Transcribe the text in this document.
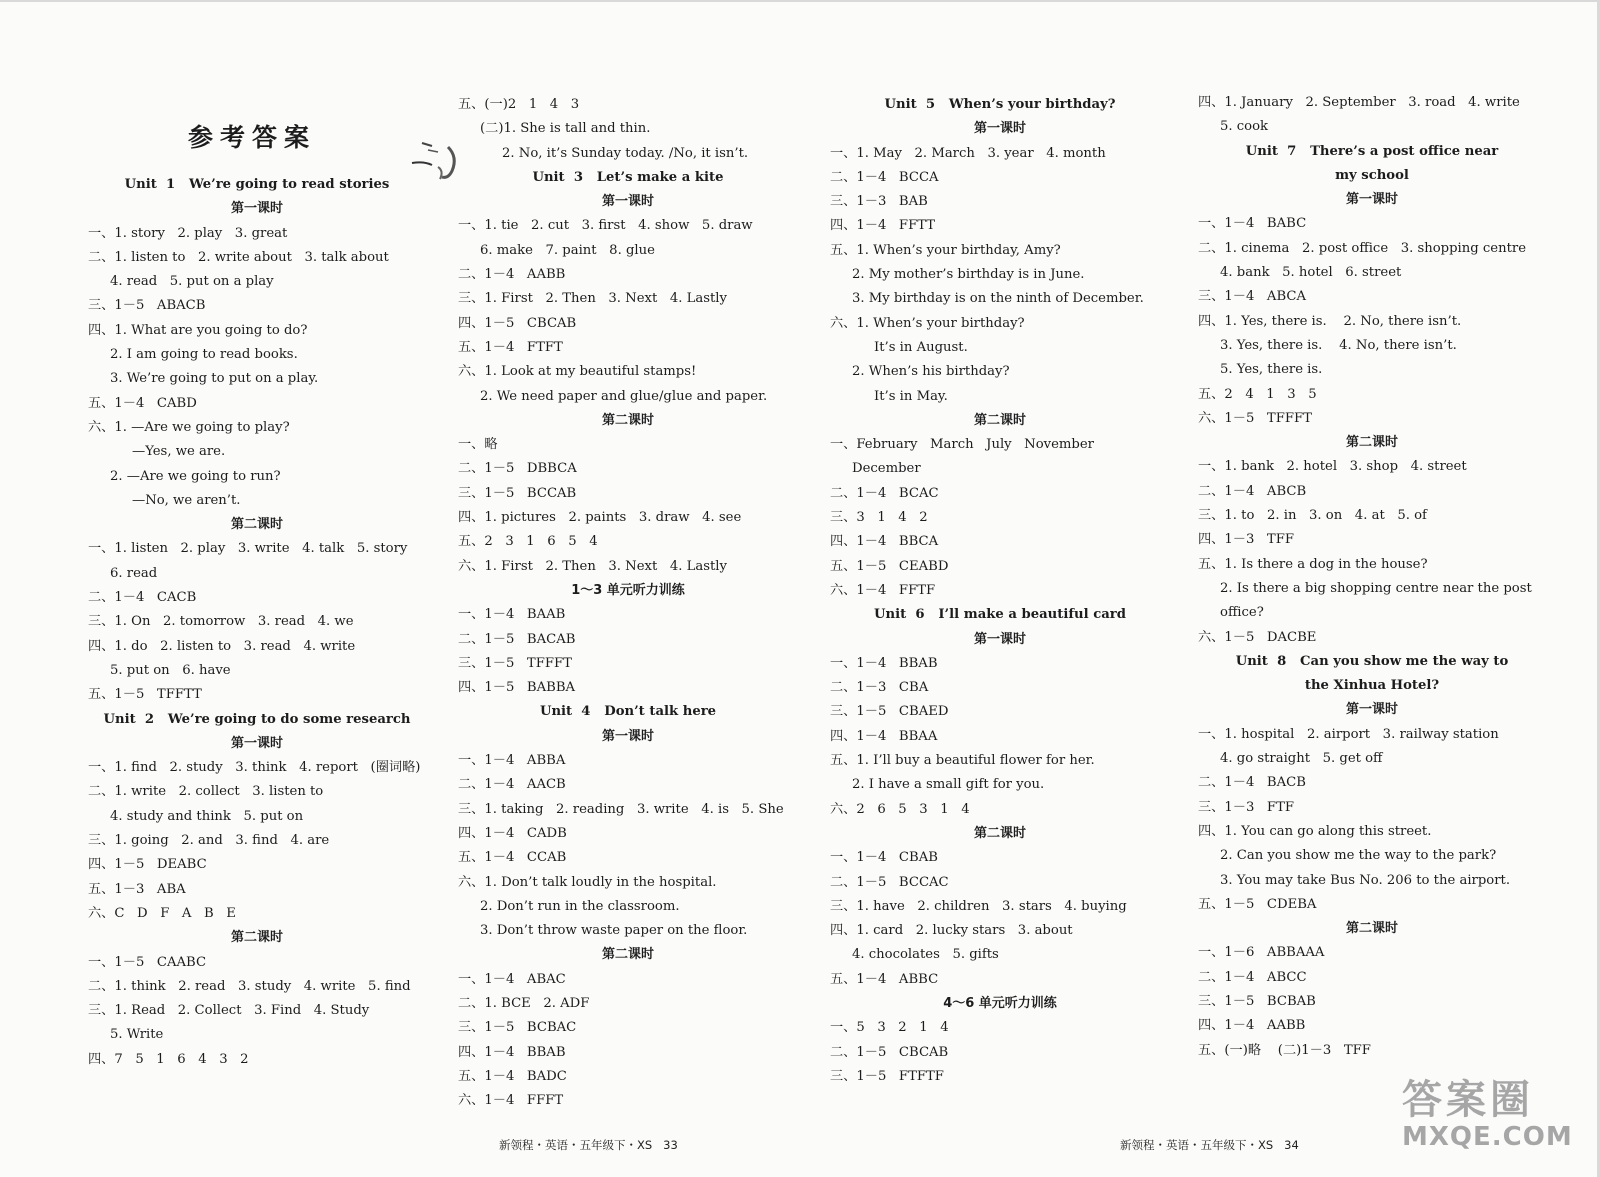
参考答案
Unit  1   We’re going to read stories
第一课时
一、1. story   2. play   3. great
二、1. listen to   2. write about   3. talk about
4. read   5. put on a play
三、1－5   ABACB
四、1. What are you going to do?
2. I am going to read books.
3. We’re going to put on a play.
五、1－4   CABD
六、1. —Are we going to play?
—Yes, we are.
2. —Are we going to run?
—No, we aren’t.
第二课时
一、1. listen   2. play   3. write   4. talk   5. story
6. read
二、1－4   CACB
三、1. On   2. tomorrow   3. read   4. we
四、1. do   2. listen to   3. read   4. write
5. put on   6. have
五、1－5   TFFTT
Unit  2   We’re going to do some research
第一课时
一、1. find   2. study   3. think   4. report   (圈词略)
二、1. write   2. collect   3. listen to
4. study and think   5. put on
三、1. going   2. and   3. find   4. are
四、1－5   DEABC
五、1－3   ABA
六、C   D   F   A   B   E
第二课时
一、1－5   CAABC
二、1. think   2. read   3. study   4. write   5. find
三、1. Read   2. Collect   3. Find   4. Study
5. Write
四、7   5   1   6   4   3   2
五、(一)2   1   4   3
(二)1. She is tall and thin.
2. No, it’s Sunday today. /No, it isn’t.
Unit  3   Let’s make a kite
第一课时
一、1. tie   2. cut   3. first   4. show   5. draw
6. make   7. paint   8. glue
二、1－4   AABB
三、1. First   2. Then   3. Next   4. Lastly
四、1－5   CBCAB
五、1－4   FTFT
六、1. Look at my beautiful stamps!
2. We need paper and glue/glue and paper.
第二课时
一、略
二、1－5   DBBCA
三、1－5   BCCAB
四、1. pictures   2. paints   3. draw   4. see
五、2   3   1   6   5   4
六、1. First   2. Then   3. Next   4. Lastly
1～3 单元听力训练
一、1－4   BAAB
二、1－5   BACAB
三、1－5   TFFFT
四、1－5   BABBA
Unit  4   Don’t talk here
第一课时
一、1－4   ABBA
二、1－4   AACB
三、1. taking   2. reading   3. write   4. is   5. She
四、1－4   CADB
五、1－4   CCAB
六、1. Don’t talk loudly in the hospital.
2. Don’t run in the classroom.
3. Don’t throw waste paper on the floor.
第二课时
一、1－4   ABAC
二、1. BCE   2. ADF
三、1－5   BCBAC
四、1－4   BBAB
五、1－4   BADC
六、1－4   FFFT
Unit  5   When’s your birthday?
第一课时
一、1. May   2. March   3. year   4. month
二、1－4   BCCA
三、1－3   BAB
四、1－4   FFTT
五、1. When’s your birthday, Amy?
2. My mother’s birthday is in June.
3. My birthday is on the ninth of December.
六、1. When’s your birthday?
It’s in August.
2. When’s his birthday?
It’s in May.
第二课时
一、February   March   July   November
December
二、1－4   BCAC
三、3   1   4   2
四、1－4   BBCA
五、1－5   CEABD
六、1－4   FFTF
Unit  6   I’ll make a beautiful card
第一课时
一、1－4   BBAB
二、1－3   CBA
三、1－5   CBAED
四、1－4   BBAA
五、1. I’ll buy a beautiful flower for her.
2. I have a small gift for you.
六、2   6   5   3   1   4
第二课时
一、1－4   CBAB
二、1－5   BCCAC
三、1. have   2. children   3. stars   4. buying
四、1. card   2. lucky stars   3. about
4. chocolates   5. gifts
五、1－4   ABBC
4～6 单元听力训练
一、5   3   2   1   4
二、1－5   CBCAB
三、1－5   FTFTF
四、1. January   2. September   3. road   4. write
5. cook
Unit  7   There’s a post office near
my school
第一课时
一、1－4   BABC
二、1. cinema   2. post office   3. shopping centre
4. bank   5. hotel   6. street
三、1－4   ABCA
四、1. Yes, there is.    2. No, there isn’t.
3. Yes, there is.    4. No, there isn’t.
5. Yes, there is.
五、2   4   1   3   5
六、1－5   TFFFT
第二课时
一、1. bank   2. hotel   3. shop   4. street
二、1－4   ABCB
三、1. to   2. in   3. on   4. at   5. of
四、1－3   TFF
五、1. Is there a dog in the house?
2. Is there a big shopping centre near the post
office?
六、1－5   DACBE
Unit  8   Can you show me the way to
the Xinhua Hotel?
第一课时
一、1. hospital   2. airport   3. railway station
4. go straight   5. get off
二、1－4   BACB
三、1－3   FTF
四、1. You can go along this street.
2. Can you show me the way to the park?
3. You may take Bus No. 206 to the airport.
五、1－5   CDEBA
第二课时
一、1－6   ABBAAA
二、1－4   ABCC
三、1－5   BCBAB
四、1－4   AABB
五、(一)略    (二)1－3   TFF
新领程・英语・五年级下・XS   33	新领程・英语・五年级下・XS   34
答案圈
MXQE.COM
